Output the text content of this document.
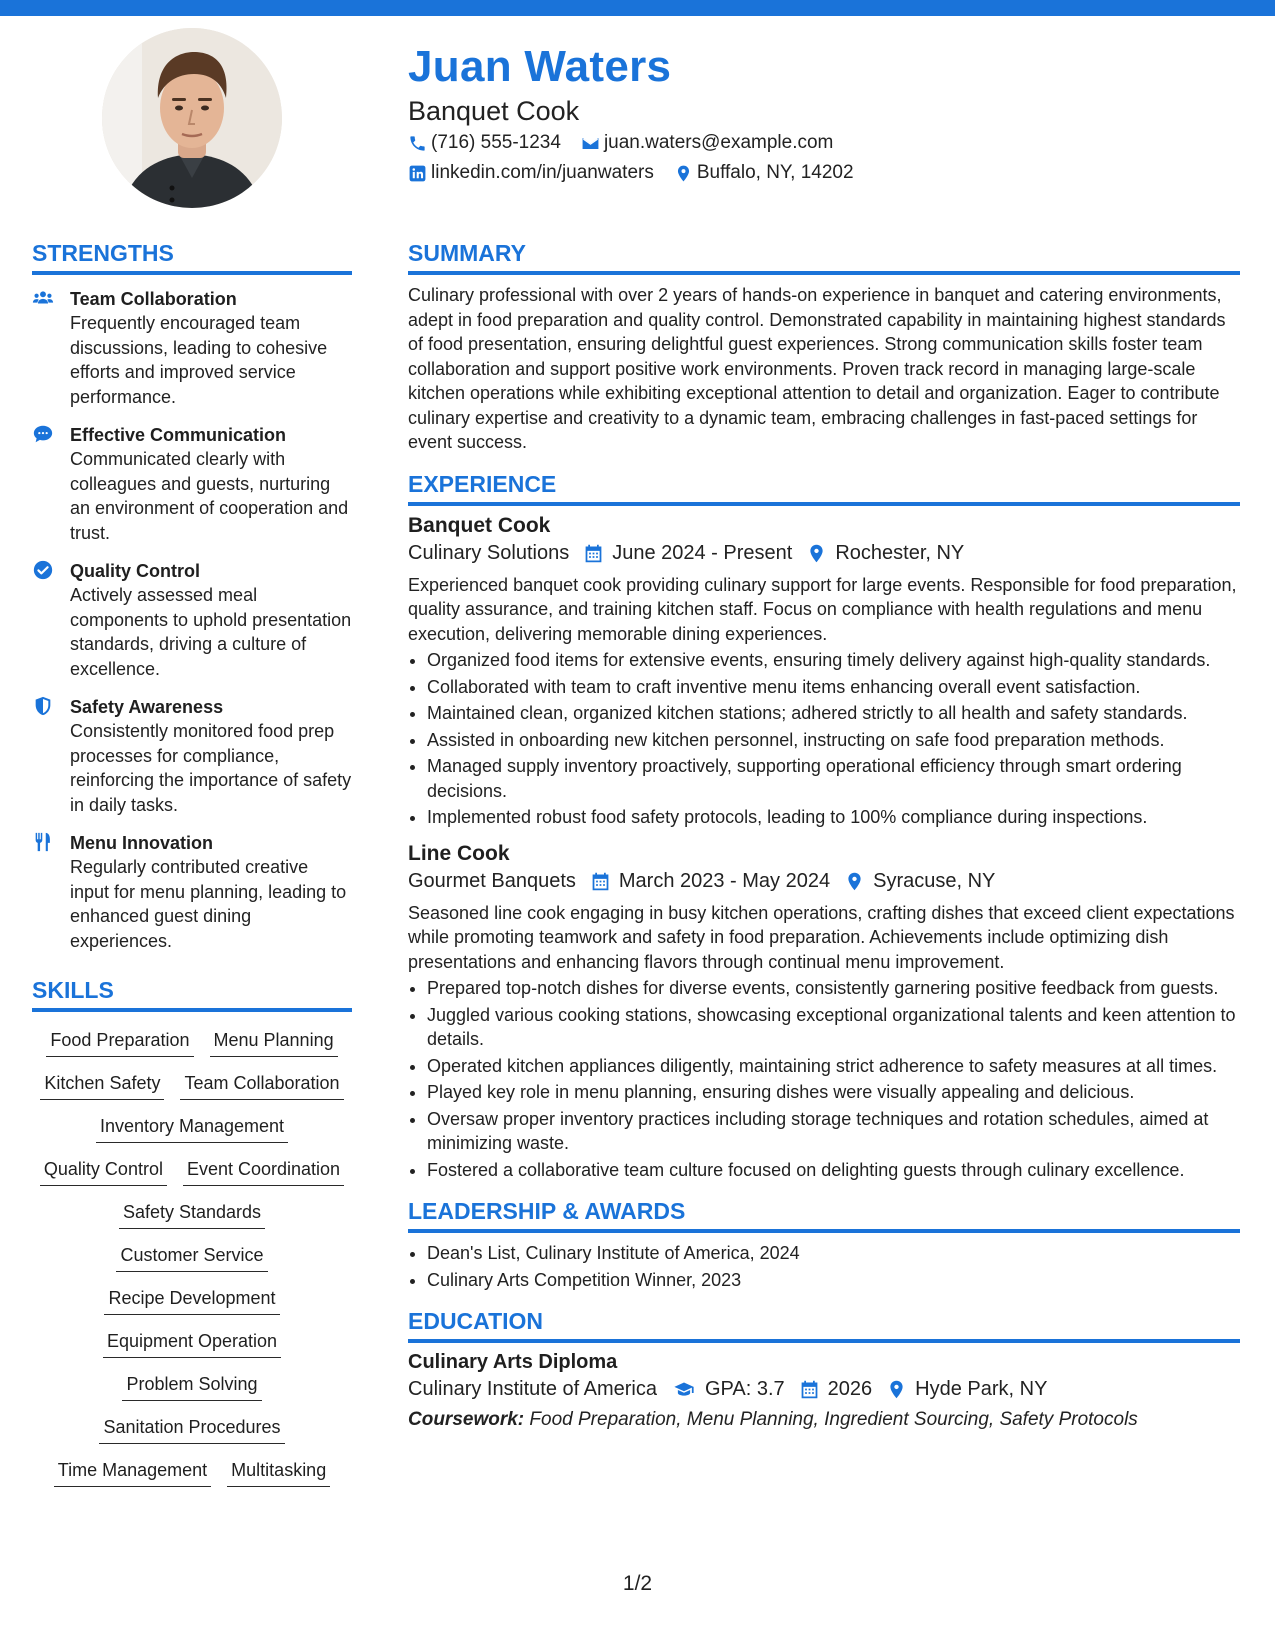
Juan Waters
Banquet Cook
(716) 555-1234 juan.waters@example.com
linkedin.com/in/juanwaters Buffalo, NY, 14202
STRENGTHS
Team Collaboration
Frequently encouraged team discussions, leading to cohesive efforts and improved service performance.
Effective Communication
Communicated clearly with colleagues and guests, nurturing an environment of cooperation and trust.
Quality Control
Actively assessed meal components to uphold presentation standards, driving a culture of excellence.
Safety Awareness
Consistently monitored food prep processes for compliance, reinforcing the importance of safety in daily tasks.
Menu Innovation
Regularly contributed creative input for menu planning, leading to enhanced guest dining experiences.
SKILLS
Food Preparation Menu Planning
Kitchen Safety Team Collaboration
Inventory Management
Quality Control Event Coordination
Safety Standards
Customer Service
Recipe Development
Equipment Operation
Problem Solving
Sanitation Procedures
Time Management Multitasking
SUMMARY

Culinary professional with over 2 years of hands-on experience in banquet and catering environments, adept in food preparation and quality control. Demonstrated capability in maintaining highest standards of food presentation, ensuring delightful guest experiences. Strong communication skills foster team collaboration and support positive work environments. Proven track record in managing large-scale kitchen operations while exhibiting exceptional attention to detail and organization. Eager to contribute culinary expertise and creativity to a dynamic team, embracing challenges in fast-paced settings for event success.

EXPERIENCE
Banquet Cook
Culinary Solutions June 2024 - Present Rochester, NY

Experienced banquet cook providing culinary support for large events. Responsible for food preparation, quality assurance, and training kitchen staff. Focus on compliance with health regulations and menu execution, delivering memorable dining experiences.

• Organized food items for extensive events, ensuring timely delivery against high-quality standards.
• Collaborated with team to craft inventive menu items enhancing overall event satisfaction.
• Maintained clean, organized kitchen stations; adhered strictly to all health and safety standards.
• Assisted in onboarding new kitchen personnel, instructing on safe food preparation methods.
• Managed supply inventory proactively, supporting operational efficiency through smart ordering decisions.
• Implemented robust food safety protocols, leading to 100% compliance during inspections.
Line Cook
Gourmet Banquets March 2023 - May 2024 Syracuse, NY

Seasoned line cook engaging in busy kitchen operations, crafting dishes that exceed client expectations while promoting teamwork and safety in food preparation. Achievements include optimizing dish presentations and enhancing flavors through continual menu improvement.

• Prepared top-notch dishes for diverse events, consistently garnering positive feedback from guests.
• Juggled various cooking stations, showcasing exceptional organizational talents and keen attention to details.
• Operated kitchen appliances diligently, maintaining strict adherence to safety measures at all times.
• Played key role in menu planning, ensuring dishes were visually appealing and delicious.
• Oversaw proper inventory practices including storage techniques and rotation schedules, aimed at minimizing waste.
• Fostered a collaborative team culture focused on delighting guests through culinary excellence.
LEADERSHIP & AWARDS
• Dean's List, Culinary Institute of America, 2024
• Culinary Arts Competition Winner, 2023
EDUCATION
Culinary Arts Diploma
Culinary Institute of America GPA: 3.7 2026 Hyde Park, NY
Coursework: Food Preparation, Menu Planning, Ingredient Sourcing, Safety Protocols
1/2
